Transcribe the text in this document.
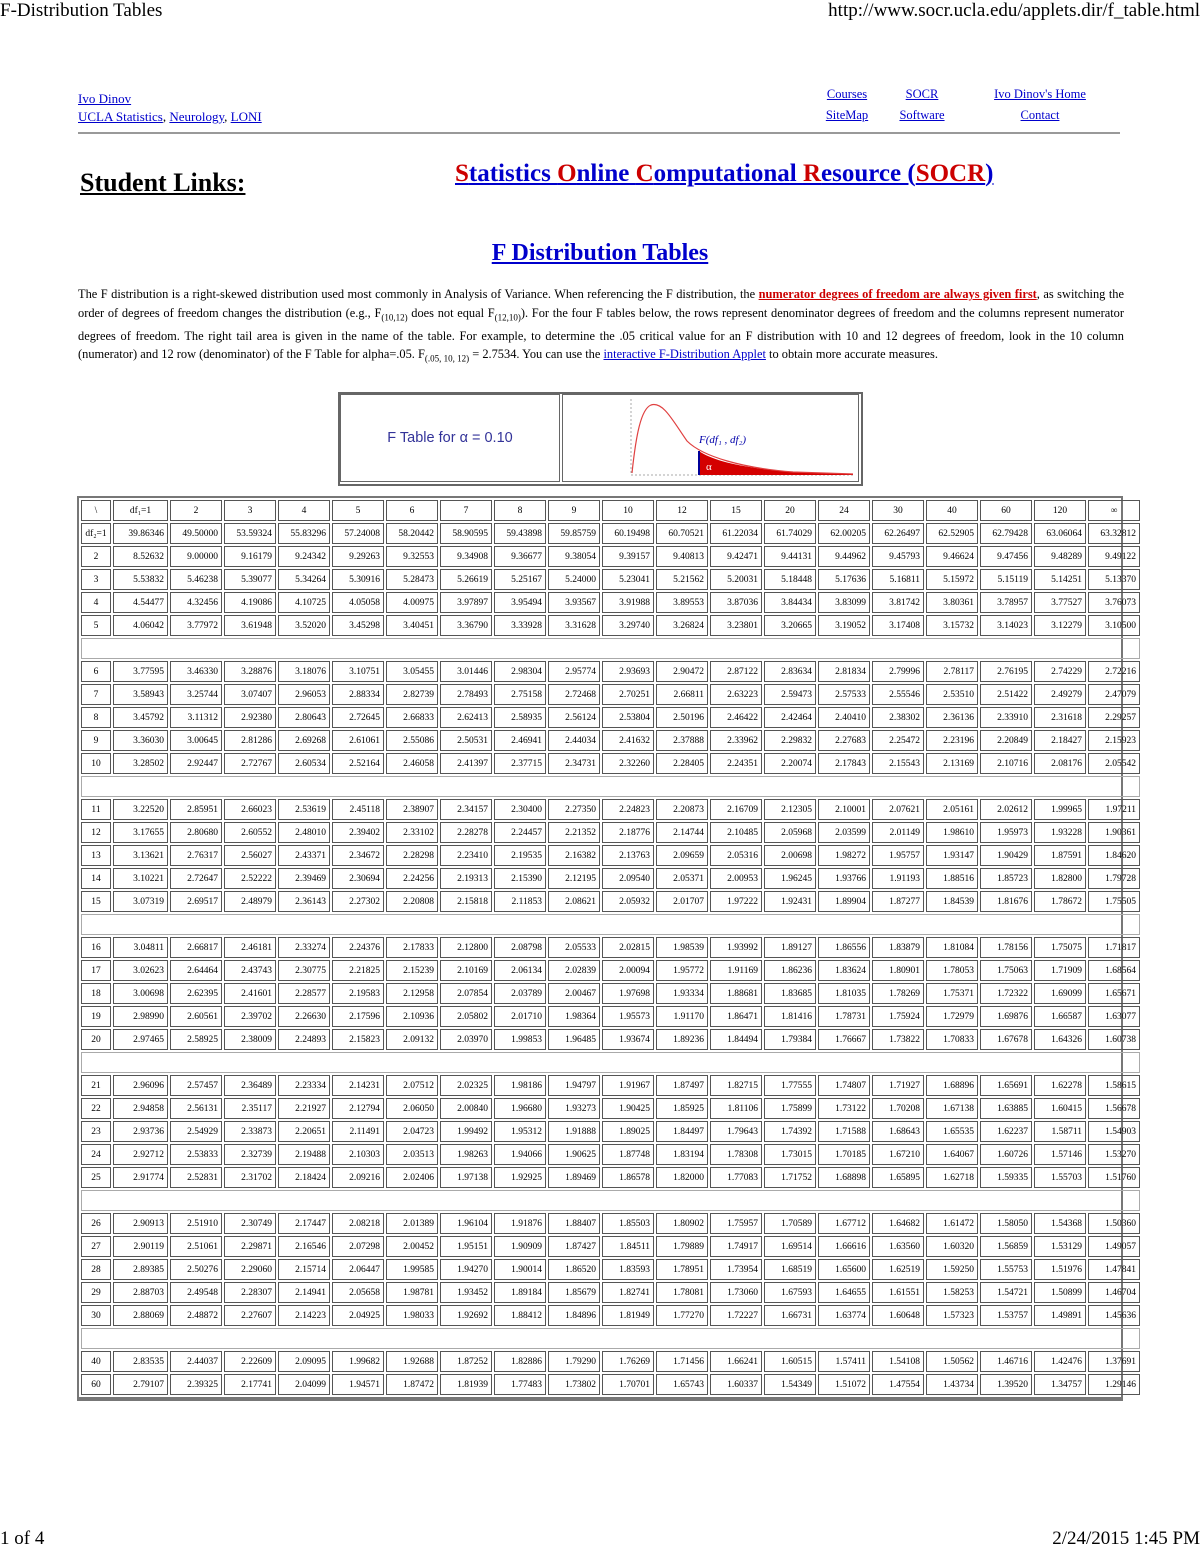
F-Distribution Tables	http://www.socr.ucla.edu/applets.dir/f_table.html
Ivo Dinov
UCLA Statistics, Neurology, LONI
Courses
SiteMap
SOCR
Software
Ivo Dinov's Home
Contact
Student Links:	Statistics Online Computational Resource (SOCR)
F Distribution Tables
The F distribution is a right-skewed distribution used most commonly in Analysis of Variance. When referencing the F distribution, the numerator degrees of freedom are always given first, as switching the order of degrees of freedom changes the distribution (e.g., $F_{(10,12)}$ does not equal $F_{(12,10)}$). For the four F tables below, the rows represent denominator degrees of freedom and the columns represent numerator degrees of freedom. The right tail area is given in the name of the table. For example, to determine the .05 critical value for an F distribution with 10 and 12 degrees of freedom, look in the 10 column (numerator) and 12 row (denominator) of the F Table for alpha=.05. $F_{(.05, 10, 12)} = 2.7534$. You can use the interactive F-Distribution Applet to obtain more accurate measures.
F Table for α = 0.10	F(df₁ , df₂)
α
\	df₁=1	2	3	4	5	6	7	8	9	10	12	15	20	24	30	40	60	120	∞
df₂=1	39.86346	49.50000	53.59324	55.83296	57.24008	58.20442	58.90595	59.43898	59.85759	60.19498	60.70521	61.22034	61.74029	62.00205	62.26497	62.52905	62.79428	63.06064	63.32812
2	8.52632	9.00000	9.16179	9.24342	9.29263	9.32553	9.34908	9.36677	9.38054	9.39157	9.40813	9.42471	9.44131	9.44962	9.45793	9.46624	9.47456	9.48289	9.49122
3	5.53832	5.46238	5.39077	5.34264	5.30916	5.28473	5.26619	5.25167	5.24000	5.23041	5.21562	5.20031	5.18448	5.17636	5.16811	5.15972	5.15119	5.14251	5.13370
4	4.54477	4.32456	4.19086	4.10725	4.05058	4.00975	3.97897	3.95494	3.93567	3.91988	3.89553	3.87036	3.84434	3.83099	3.81742	3.80361	3.78957	3.77527	3.76073
5	4.06042	3.77972	3.61948	3.52020	3.45298	3.40451	3.36790	3.33928	3.31628	3.29740	3.26824	3.23801	3.20665	3.19052	3.17408	3.15732	3.14023	3.12279	3.10500

6	3.77595	3.46330	3.28876	3.18076	3.10751	3.05455	3.01446	2.98304	2.95774	2.93693	2.90472	2.87122	2.83634	2.81834	2.79996	2.78117	2.76195	2.74229	2.72216
7	3.58943	3.25744	3.07407	2.96053	2.88334	2.82739	2.78493	2.75158	2.72468	2.70251	2.66811	2.63223	2.59473	2.57533	2.55546	2.53510	2.51422	2.49279	2.47079
8	3.45792	3.11312	2.92380	2.80643	2.72645	2.66833	2.62413	2.58935	2.56124	2.53804	2.50196	2.46422	2.42464	2.40410	2.38302	2.36136	2.33910	2.31618	2.29257
9	3.36030	3.00645	2.81286	2.69268	2.61061	2.55086	2.50531	2.46941	2.44034	2.41632	2.37888	2.33962	2.29832	2.27683	2.25472	2.23196	2.20849	2.18427	2.15923
10	3.28502	2.92447	2.72767	2.60534	2.52164	2.46058	2.41397	2.37715	2.34731	2.32260	2.28405	2.24351	2.20074	2.17843	2.15543	2.13169	2.10716	2.08176	2.05542

11	3.22520	2.85951	2.66023	2.53619	2.45118	2.38907	2.34157	2.30400	2.27350	2.24823	2.20873	2.16709	2.12305	2.10001	2.07621	2.05161	2.02612	1.99965	1.97211
12	3.17655	2.80680	2.60552	2.48010	2.39402	2.33102	2.28278	2.24457	2.21352	2.18776	2.14744	2.10485	2.05968	2.03599	2.01149	1.98610	1.95973	1.93228	1.90361
13	3.13621	2.76317	2.56027	2.43371	2.34672	2.28298	2.23410	2.19535	2.16382	2.13763	2.09659	2.05316	2.00698	1.98272	1.95757	1.93147	1.90429	1.87591	1.84620
14	3.10221	2.72647	2.52222	2.39469	2.30694	2.24256	2.19313	2.15390	2.12195	2.09540	2.05371	2.00953	1.96245	1.93766	1.91193	1.88516	1.85723	1.82800	1.79728
15	3.07319	2.69517	2.48979	2.36143	2.27302	2.20808	2.15818	2.11853	2.08621	2.05932	2.01707	1.97222	1.92431	1.89904	1.87277	1.84539	1.81676	1.78672	1.75505

16	3.04811	2.66817	2.46181	2.33274	2.24376	2.17833	2.12800	2.08798	2.05533	2.02815	1.98539	1.93992	1.89127	1.86556	1.83879	1.81084	1.78156	1.75075	1.71817
17	3.02623	2.64464	2.43743	2.30775	2.21825	2.15239	2.10169	2.06134	2.02839	2.00094	1.95772	1.91169	1.86236	1.83624	1.80901	1.78053	1.75063	1.71909	1.68564
18	3.00698	2.62395	2.41601	2.28577	2.19583	2.12958	2.07854	2.03789	2.00467	1.97698	1.93334	1.88681	1.83685	1.81035	1.78269	1.75371	1.72322	1.69099	1.65671
19	2.98990	2.60561	2.39702	2.26630	2.17596	2.10936	2.05802	2.01710	1.98364	1.95573	1.91170	1.86471	1.81416	1.78731	1.75924	1.72979	1.69876	1.66587	1.63077
20	2.97465	2.58925	2.38009	2.24893	2.15823	2.09132	2.03970	1.99853	1.96485	1.93674	1.89236	1.84494	1.79384	1.76667	1.73822	1.70833	1.67678	1.64326	1.60738

21	2.96096	2.57457	2.36489	2.23334	2.14231	2.07512	2.02325	1.98186	1.94797	1.91967	1.87497	1.82715	1.77555	1.74807	1.71927	1.68896	1.65691	1.62278	1.58615
22	2.94858	2.56131	2.35117	2.21927	2.12794	2.06050	2.00840	1.96680	1.93273	1.90425	1.85925	1.81106	1.75899	1.73122	1.70208	1.67138	1.63885	1.60415	1.56678
23	2.93736	2.54929	2.33873	2.20651	2.11491	2.04723	1.99492	1.95312	1.91888	1.89025	1.84497	1.79643	1.74392	1.71588	1.68643	1.65535	1.62237	1.58711	1.54903
24	2.92712	2.53833	2.32739	2.19488	2.10303	2.03513	1.98263	1.94066	1.90625	1.87748	1.83194	1.78308	1.73015	1.70185	1.67210	1.64067	1.60726	1.57146	1.53270
25	2.91774	2.52831	2.31702	2.18424	2.09216	2.02406	1.97138	1.92925	1.89469	1.86578	1.82000	1.77083	1.71752	1.68898	1.65895	1.62718	1.59335	1.55703	1.51760

26	2.90913	2.51910	2.30749	2.17447	2.08218	2.01389	1.96104	1.91876	1.88407	1.85503	1.80902	1.75957	1.70589	1.67712	1.64682	1.61472	1.58050	1.54368	1.50360
27	2.90119	2.51061	2.29871	2.16546	2.07298	2.00452	1.95151	1.90909	1.87427	1.84511	1.79889	1.74917	1.69514	1.66616	1.63560	1.60320	1.56859	1.53129	1.49057
28	2.89385	2.50276	2.29060	2.15714	2.06447	1.99585	1.94270	1.90014	1.86520	1.83593	1.78951	1.73954	1.68519	1.65600	1.62519	1.59250	1.55753	1.51976	1.47841
29	2.88703	2.49548	2.28307	2.14941	2.05658	1.98781	1.93452	1.89184	1.85679	1.82741	1.78081	1.73060	1.67593	1.64655	1.61551	1.58253	1.54721	1.50899	1.46704
30	2.88069	2.48872	2.27607	2.14223	2.04925	1.98033	1.92692	1.88412	1.84896	1.81949	1.77270	1.72227	1.66731	1.63774	1.60648	1.57323	1.53757	1.49891	1.45636

40	2.83535	2.44037	2.22609	2.09095	1.99682	1.92688	1.87252	1.82886	1.79290	1.76269	1.71456	1.66241	1.60515	1.57411	1.54108	1.50562	1.46716	1.42476	1.37691
60	2.79107	2.39325	2.17741	2.04099	1.94571	1.87472	1.81939	1.77483	1.73802	1.70701	1.65743	1.60337	1.54349	1.51072	1.47554	1.43734	1.39520	1.34757	1.29146
1 of 4	2/24/2015 1:45 PM
